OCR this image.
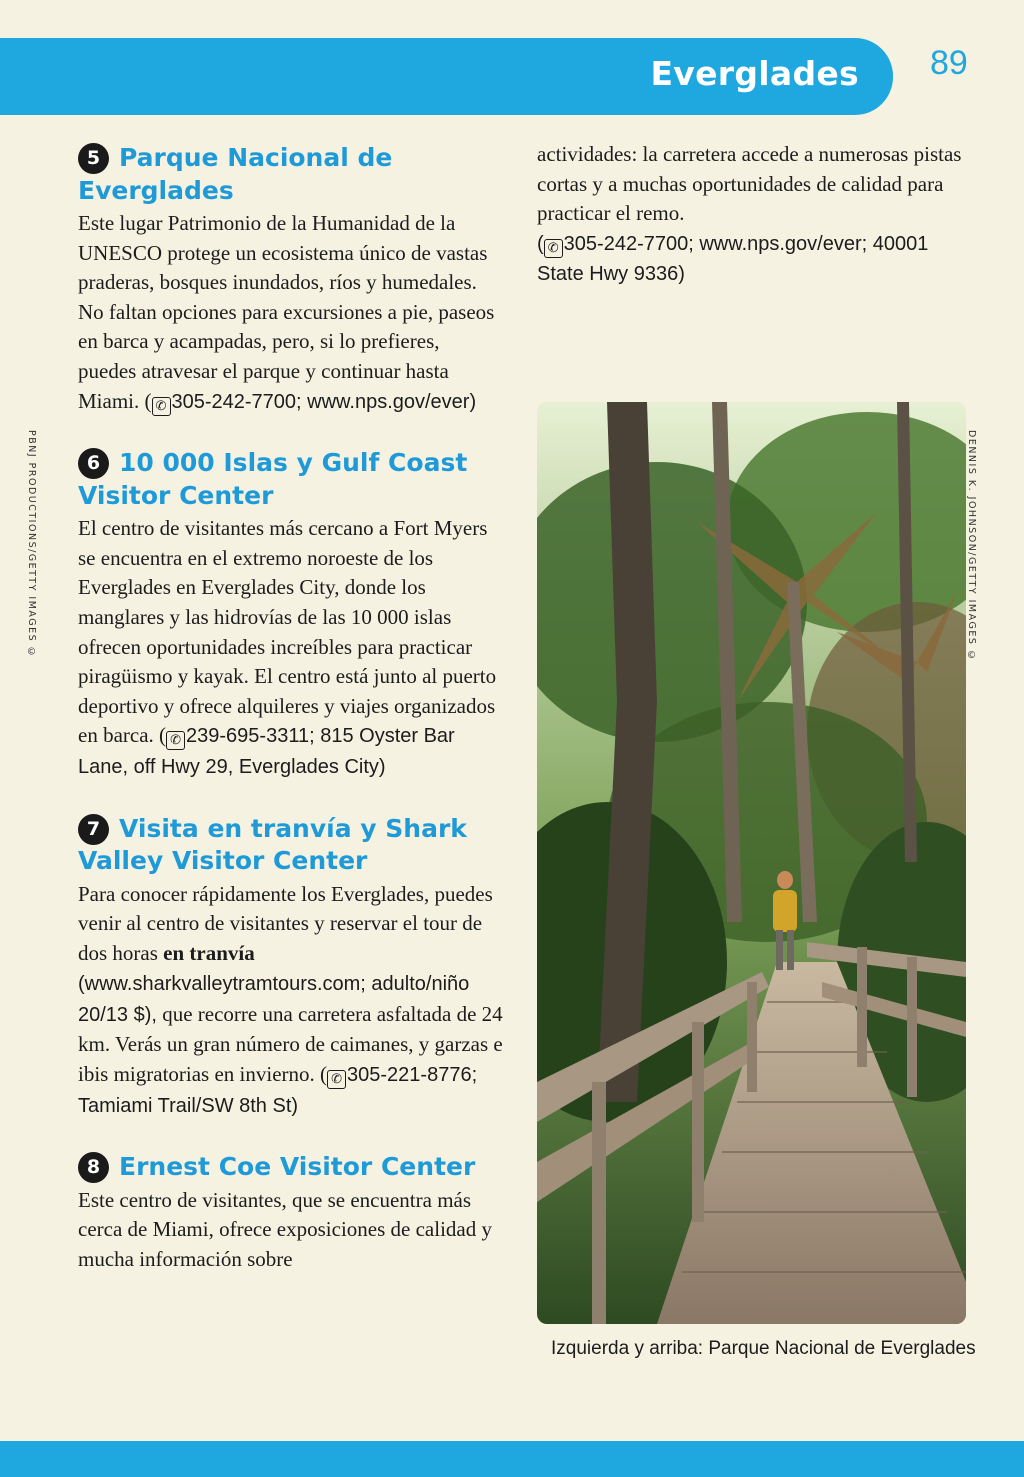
Everglades 89
PBNJ PRODUCTIONS/GETTY IMAGES ©

5 Parque Nacional de Everglades

Este lugar Patrimonio de la Humanidad de la UNESCO protege un ecosistema único de vastas praderas, bosques inundados, ríos y humedales. No faltan opciones para excursiones a pie, paseos en barca y acampadas, pero, si lo prefieres, puedes atravesar el parque y continuar hasta Miami. ( ✆ 305-242-7700; www.nps.gov/ever)

6 10 000 Islas y Gulf Coast Visitor Center

El centro de visitantes más cercano a Fort Myers se encuentra en el extremo noroeste de los Everglades en Everglades City, donde los manglares y las hidrovías de las 10 000 islas ofrecen oportunidades increíbles para practicar piragüismo y kayak. El centro está junto al puerto deportivo y ofrece alquileres y viajes organizados en barca. ( ✆ 239-695-3311; 815 Oyster Bar Lane, off Hwy 29, Everglades City)

7 Visita en tranvía y Shark Valley Visitor Center

Para conocer rápidamente los Everglades, puedes venir al centro de visitantes y reservar el tour de dos horas en tranvía (www.sharkvalleytramtours.com; adulto/niño 20/13 $), que recorre una carretera asfaltada de 24 km. Verás un gran número de caimanes, y garzas e ibis migratorias en invierno. ( ✆ 305-221-8776; Tamiami Trail/SW 8th St)

8 Ernest Coe Visitor Center

Este centro de visitantes, que se encuentra más cerca de Miami, ofrece exposiciones de calidad y mucha información sobre

actividades: la carretera accede a numerosas pistas cortas y a muchas oportunidades de calidad para practicar el remo.
( ✆ 305-242-7700; www.nps.gov/ever; 40001 State Hwy 9336)

DENNIS K. JOHNSON/GETTY IMAGES ©
Izquierda y arriba: Parque Nacional de Everglades
